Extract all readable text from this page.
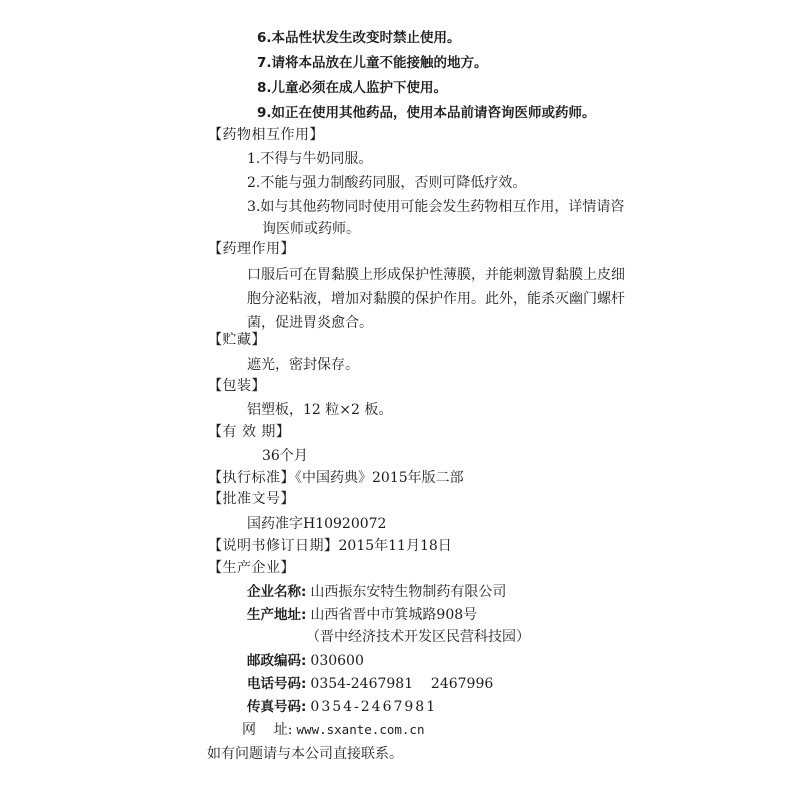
6.本品性状发生改变时禁止使用。
7.请将本品放在儿童不能接触的地方。
8.儿童必须在成人监护下使用。
9.如正在使用其他药品，使用本品前请咨询医师或药师。
【药物相互作用】
1.不得与牛奶同服。
2.不能与强力制酸药同服，否则可降低疗效。
3.如与其他药物同时使用可能会发生药物相互作用，详情请咨
询医师或药师。
【药理作用】
口服后可在胃黏膜上形成保护性薄膜，并能刺激胃黏膜上皮细
胞分泌粘液，增加对黏膜的保护作用。此外，能杀灭幽门螺杆
菌，促进胃炎愈合。
【贮藏】
遮光，密封保存。
【包装】
铝塑板，12 粒×2 板。
【有 效 期】
36个月
【执行标准】《中国药典》2015年版二部
【批准文号】
国药准字H10920072
【说明书修订日期】2015年11月18日
【生产企业】
企业名称: 山西振东安特生物制药有限公司
生产地址: 山西省晋中市箕城路908号
（晋中经济技术开发区民营科技园）
邮政编码: 030600
电话号码: 0354-2467981    2467996
传真号码: 0354-2467981
网    址: www.sxante.com.cn
如有问题请与本公司直接联系。
